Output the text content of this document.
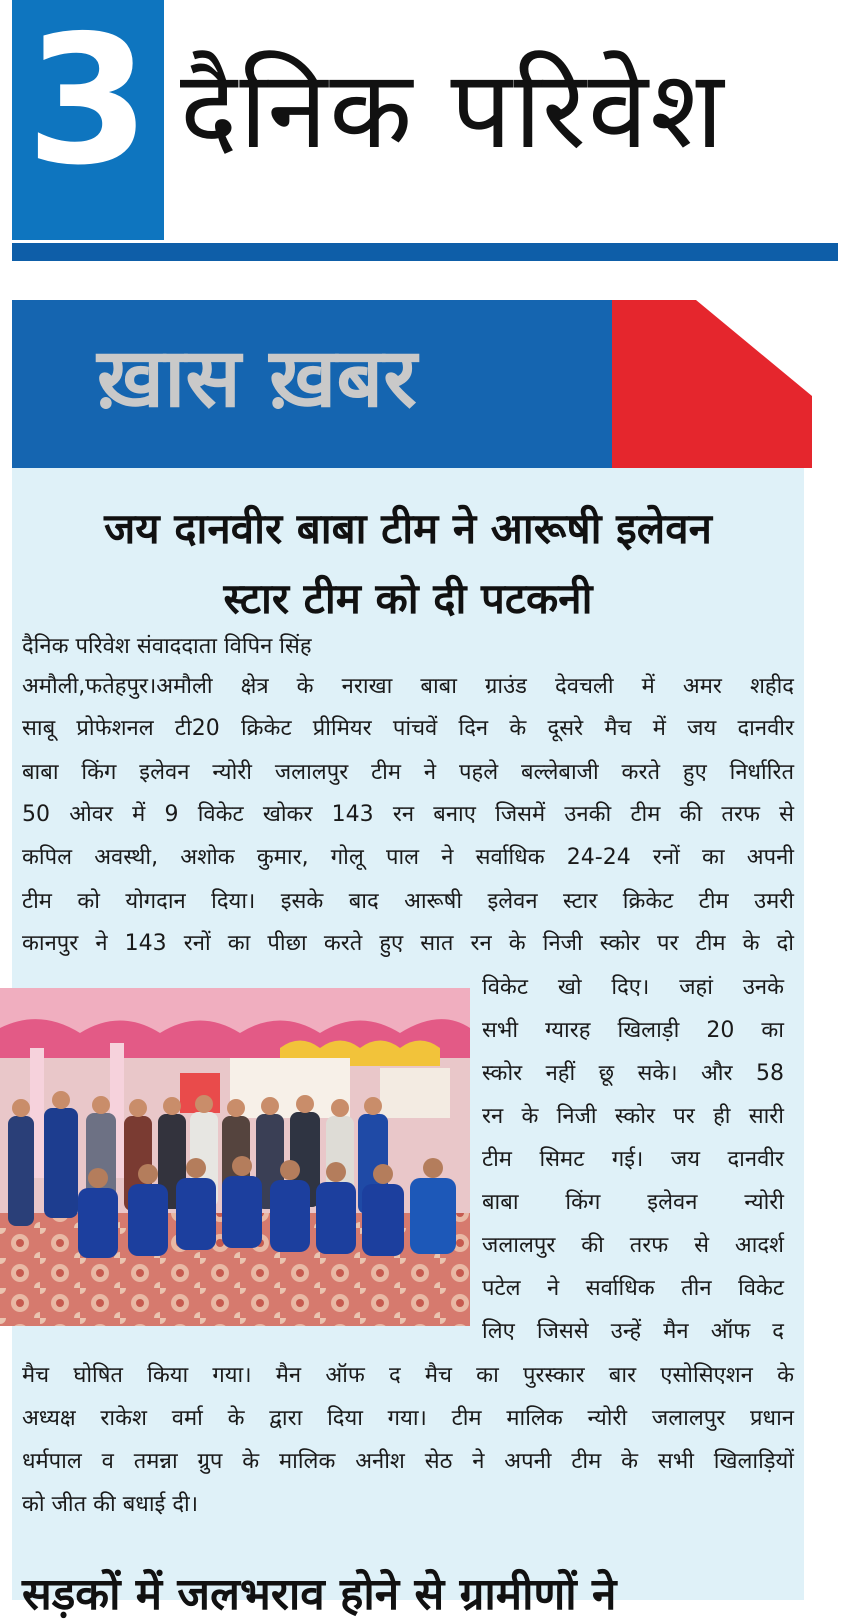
3 दैनिक परिवेश
ख़ास ख़बर
जय दानवीर बाबा टीम ने आरूषी इलेवन
स्टार टीम को दी पटकनी
दैनिक परिवेश संवाददाता विपिन सिंह
अमौली,फतेहपुर।अमौली क्षेत्र के नराखा बाबा ग्राउंड देवचली में अमर शहीद
साबू प्रोफेशनल टी20 क्रिकेट प्रीमियर पांचवें दिन के दूसरे मैच में जय दानवीर
बाबा किंग इलेवन न्योरी जलालपुर टीम ने पहले बल्लेबाजी करते हुए निर्धारित
50 ओवर में 9 विकेट खोकर 143 रन बनाए जिसमें उनकी टीम की तरफ से
कपिल अवस्थी, अशोक कुमार, गोलू पाल ने सर्वाधिक 24-24 रनों का अपनी
टीम को योगदान दिया। इसके बाद आरूषी इलेवन स्टार क्रिकेट टीम उमरी
कानपुर ने 143 रनों का पीछा करते हुए सात रन के निजी स्कोर पर टीम के दो
विकेट खो दिए। जहां उनके
सभी ग्यारह खिलाड़ी 20 का
स्कोर नहीं छू सके। और 58
रन के निजी स्कोर पर ही सारी
टीम सिमट गई। जय दानवीर
बाबा किंग इलेवन न्योरी
जलालपुर की तरफ से आदर्श
पटेल ने सर्वाधिक तीन विकेट
लिए जिससे उन्हें मैन ऑफ द
मैच घोषित किया गया। मैन ऑफ द मैच का पुरस्कार बार एसोसिएशन के
अध्यक्ष राकेश वर्मा के द्वारा दिया गया। टीम मालिक न्योरी जलालपुर प्रधान
धर्मपाल व तमन्ना ग्रुप के मालिक अनीश सेठ ने अपनी टीम के सभी खिलाड़ियों
को जीत की बधाई दी।
सड़कों में जलभराव होने से ग्रामीणों ने
